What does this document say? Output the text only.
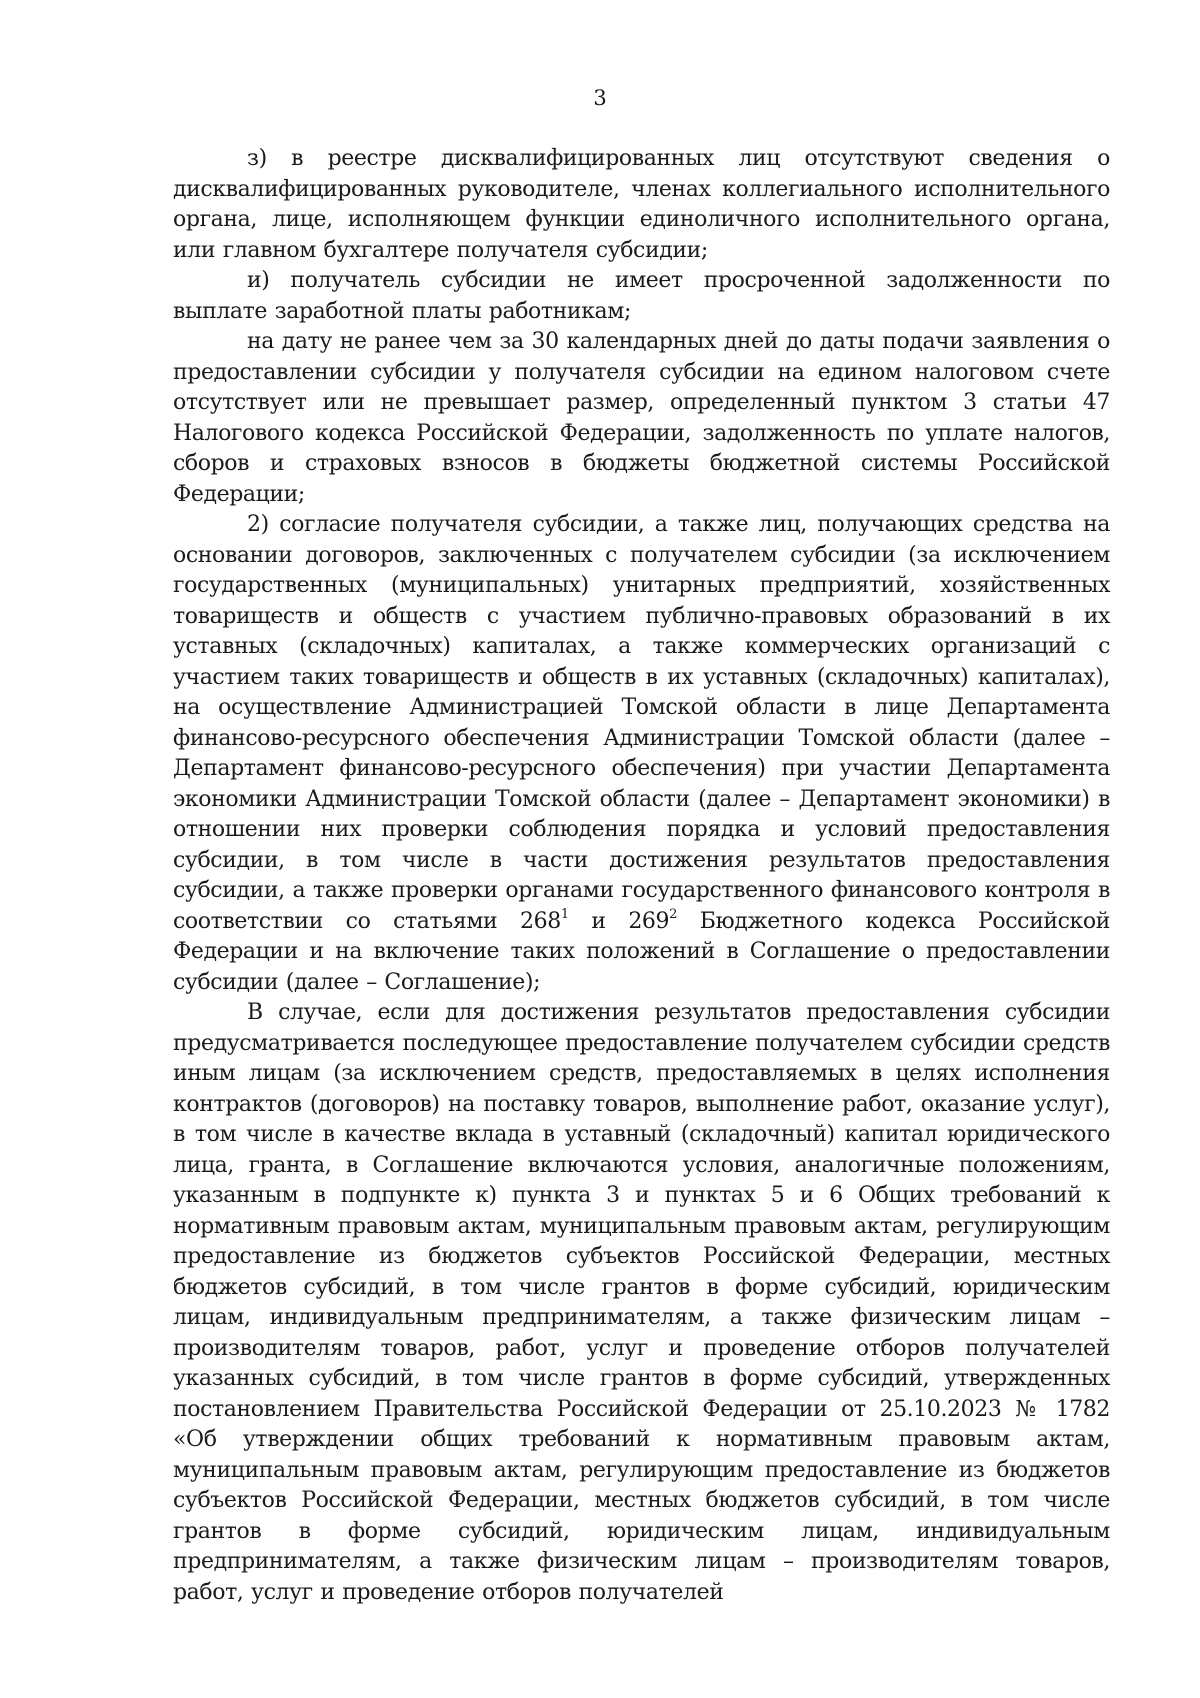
3

з) в реестре дисквалифицированных лиц отсутствуют сведения о дисквалифицированных руководителе, членах коллегиального исполнительного органа, лице, исполняющем функции единоличного исполнительного органа, или главном бухгалтере получателя субсидии;

и) получатель субсидии не имеет просроченной задолженности по выплате заработной платы работникам;

на дату не ранее чем за 30 календарных дней до даты подачи заявления о предоставлении субсидии у получателя субсидии на едином налоговом счете отсутствует или не превышает размер, определенный пунктом 3 статьи 47 Налогового кодекса Российской Федерации, задолженность по уплате налогов, сборов и страховых взносов в бюджеты бюджетной системы Российской Федерации;

2) согласие получателя субсидии, а также лиц, получающих средства на основании договоров, заключенных с получателем субсидии (за исключением государственных (муниципальных) унитарных предприятий, хозяйственных товариществ и обществ с участием публично-правовых образований в их уставных (складочных) капиталах, а также коммерческих организаций с участием таких товариществ и обществ в их уставных (складочных) капиталах), на осуществление Администрацией Томской области в лице Департамента финансово-ресурсного обеспечения Администрации Томской области (далее – Департамент финансово-ресурсного обеспечения) при участии Департамента экономики Администрации Томской области (далее – Департамент экономики) в отношении них проверки соблюдения порядка и условий предоставления субсидии, в том числе в части достижения результатов предоставления субсидии, а также проверки органами государственного финансового контроля в соответствии со статьями $268^1$ и $269^2$ Бюджетного кодекса Российской Федерации и на включение таких положений в Соглашение о предоставлении субсидии (далее – Соглашение);

В случае, если для достижения результатов предоставления субсидии предусматривается последующее предоставление получателем субсидии средств иным лицам (за исключением средств, предоставляемых в целях исполнения контрактов (договоров) на поставку товаров, выполнение работ, оказание услуг), в том числе в качестве вклада в уставный (складочный) капитал юридического лица, гранта, в Соглашение включаются условия, аналогичные положениям, указанным в подпункте к) пункта 3 и пунктах 5 и 6 Общих требований к нормативным правовым актам, муниципальным правовым актам, регулирующим предоставление из бюджетов субъектов Российской Федерации, местных бюджетов субсидий, в том числе грантов в форме субсидий, юридическим лицам, индивидуальным предпринимателям, а также физическим лицам – производителям товаров, работ, услуг и проведение отборов получателей указанных субсидий, в том числе грантов в форме субсидий, утвержденных постановлением Правительства Российской Федерации от 25.10.2023 № 1782 «Об утверждении общих требований к нормативным правовым актам, муниципальным правовым актам, регулирующим предоставление из бюджетов субъектов Российской Федерации, местных бюджетов субсидий, в том числе грантов в форме субсидий, юридическим лицам, индивидуальным предпринимателям, а также физическим лицам – производителям товаров, работ, услуг и проведение отборов получателей
